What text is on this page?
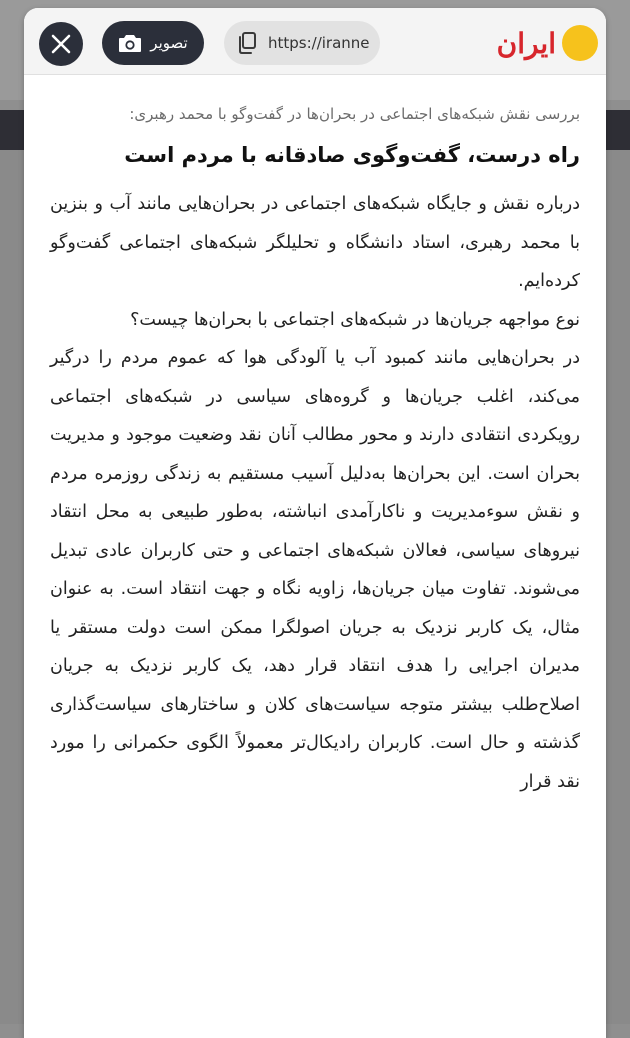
تصویر	https://iranne	ایران

بررسی نقش شبکه‌های اجتماعی در بحران‌ها در گفت‌وگو با محمد رهبری:

راه درست، گفت‌وگوی صادقانه با مردم است

درباره نقش و جایگاه شبکه‌های اجتماعی در بحران‌هایی مانند آب و بنزین با محمد رهبری، استاد دانشگاه و تحلیلگر شبکه‌های اجتماعی گفت‌وگو کرده‌ایم.

نوع مواجهه جریان‌ها در شبکه‌های اجتماعی با بحران‌ها چیست؟

در بحران‌هایی مانند کمبود آب یا آلودگی هوا که عموم مردم را درگیر می‌کند، اغلب جریان‌ها و گروه‌های سیاسی در شبکه‌های اجتماعی رویکردی انتقادی دارند و محور مطالب آنان نقد وضعیت موجود و مدیریت بحران است. این بحران‌ها به‌دلیل آسیب مستقیم به زندگی روزمره مردم و نقش سوء‌مدیریت و ناکارآمدی انباشته، به‌طور طبیعی به محل انتقاد نیروهای سیاسی، فعالان شبکه‌های اجتماعی و حتی کاربران عادی تبدیل می‌شوند. تفاوت میان جریان‌ها، زاویه نگاه و جهت انتقاد است. به عنوان مثال، یک کاربر نزدیک به جریان اصولگرا ممکن است دولت مستقر یا مدیران اجرایی را هدف انتقاد قرار دهد، یک کاربر نزدیک به جریان اصلاح‌طلب بیشتر متوجه سیاست‌های کلان و ساختارهای سیاست‌گذاری گذشته و حال است. کاربران رادیکال‌تر معمولاً الگوی حکمرانی را مورد نقد قرار
